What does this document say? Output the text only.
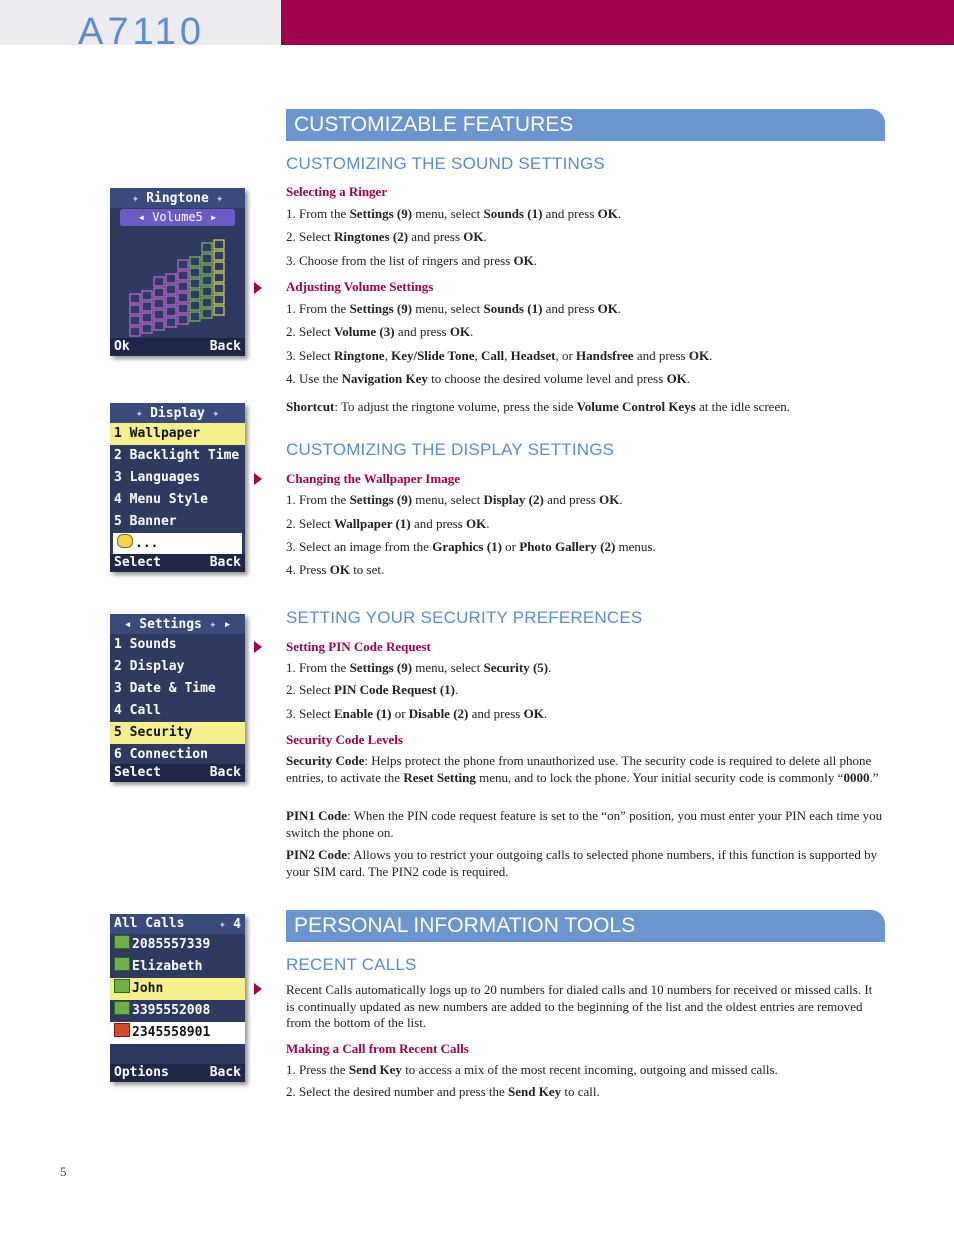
A7110
CUSTOMIZABLE FEATURES
CUSTOMIZING THE SOUND SETTINGS
Selecting a Ringer
1. From the Settings (9) menu, select Sounds (1) and press OK.
2. Select Ringtones (2) and press OK.
3. Choose from the list of ringers and press OK.
Adjusting Volume Settings
1. From the Settings (9) menu, select Sounds (1) and press OK.
2. Select Volume (3) and press OK.
3. Select Ringtone, Key/Slide Tone, Call, Headset, or Handsfree and press OK.
4. Use the Navigation Key to choose the desired volume level and press OK.
Shortcut: To adjust the ringtone volume, press the side Volume Control Keys at the idle screen.
CUSTOMIZING THE DISPLAY SETTINGS
Changing the Wallpaper Image
1. From the Settings (9) menu, select Display (2) and press OK.
2. Select Wallpaper (1) and press OK.
3. Select an image from the Graphics (1) or Photo Gallery (2) menus.
4. Press OK to set.
SETTING YOUR SECURITY PREFERENCES
Setting PIN Code Request
1. From the Settings (9) menu, select Security (5).
2. Select PIN Code Request (1).
3. Select Enable (1) or Disable (2) and press OK.
Security Code Levels
Security Code: Helps protect the phone from unauthorized use. The security code is required to delete all phone entries, to activate the Reset Setting menu, and to lock the phone. Your initial security code is commonly “0000.”
PIN1 Code: When the PIN code request feature is set to the “on” position, you must enter your PIN each time you switch the phone on.
PIN2 Code: Allows you to restrict your outgoing calls to selected phone numbers, if this function is supported by your SIM card. The PIN2 code is required.
PERSONAL INFORMATION TOOLS
RECENT CALLS
Recent Calls automatically logs up to 20 numbers for dialed calls and 10 numbers for received or missed calls. It is continually updated as new numbers are added to the beginning of the list and the oldest entries are removed from the bottom of the list.
Making a Call from Recent Calls
1. Press the Send Key to access a mix of the most recent incoming, outgoing and missed calls.
2. Select the desired number and press the Send Key to call.
5
✦ Ringtone ✦
◂ Volume5 ▸
Ok	Back
✦ Display ✦
1 Wallpaper
2 Backlight Time
3 Languages
4 Menu Style
5 Banner
...
Select	Back
◂ Settings ✦ ▸
1 Sounds
2 Display
3 Date & Time
4 Call
5 Security
6 Connection
Select	Back
All Calls	✦ 4
2085557339
Elizabeth
John
3395552008
2345558901
Options	Back
